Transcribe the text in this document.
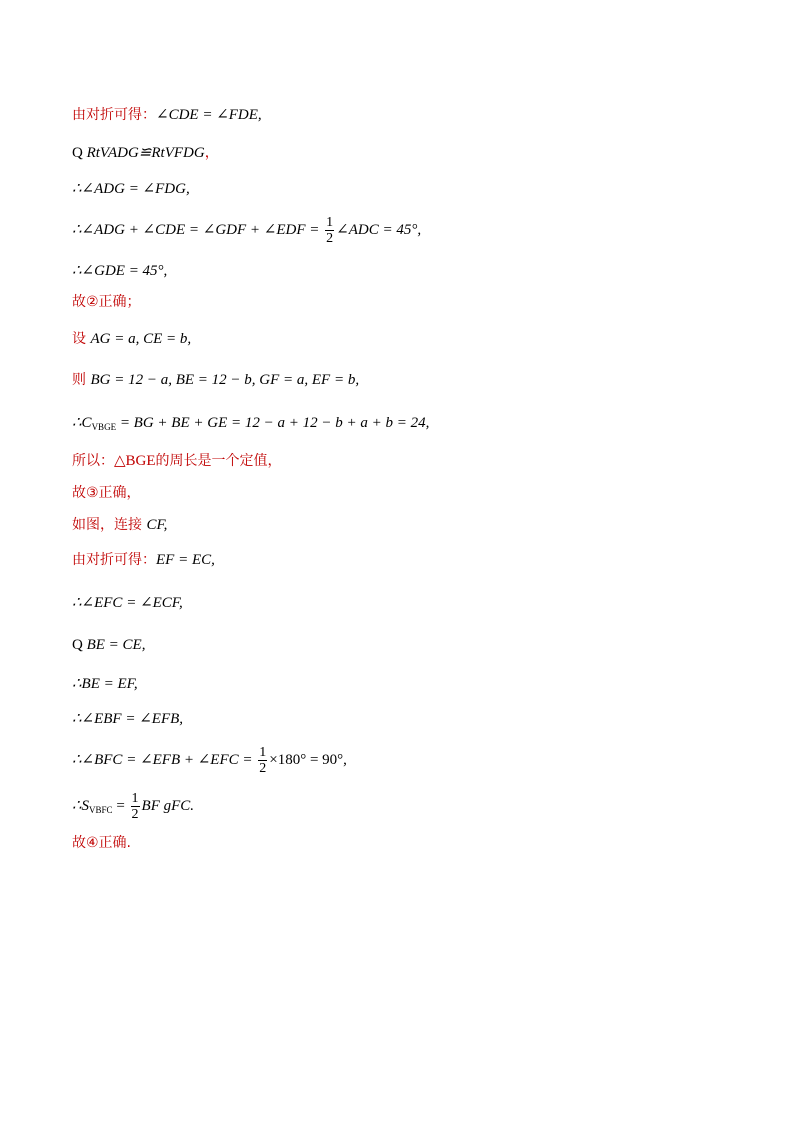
由对折可得：∠CDE = ∠FDE,
Q RtVADG≌RtVFDG，
∴∠ADG = ∠FDG,
∴∠ADG + ∠CDE = ∠GDF + ∠EDF = $\frac{1}{2}$ ∠ADC = 45°,
∴∠GDE = 45°,
故②正确；
设 AG = a, CE = b,
则 BG = 12 − a, BE = 12 − b, GF = a, EF = b,
$\therefore C_{VBGE}$ = BG + BE + GE = 12 − a + 12 − b + a + b = 24,
所以：△BGE的周长是一个定值，
故③正确，
如图，连接 CF,
由对折可得：EF = EC,
∴∠EFC = ∠ECF,
Q BE = CE,
∴BE = EF,
∴∠EBF = ∠EFB,
∴∠BFC = ∠EFB + ∠EFC = $\frac{1}{2} \times 180^\circ = 90^\circ$,
$\therefore S_{VBFC} = \frac{1}{2}$ BF gFC.
故④正确.
